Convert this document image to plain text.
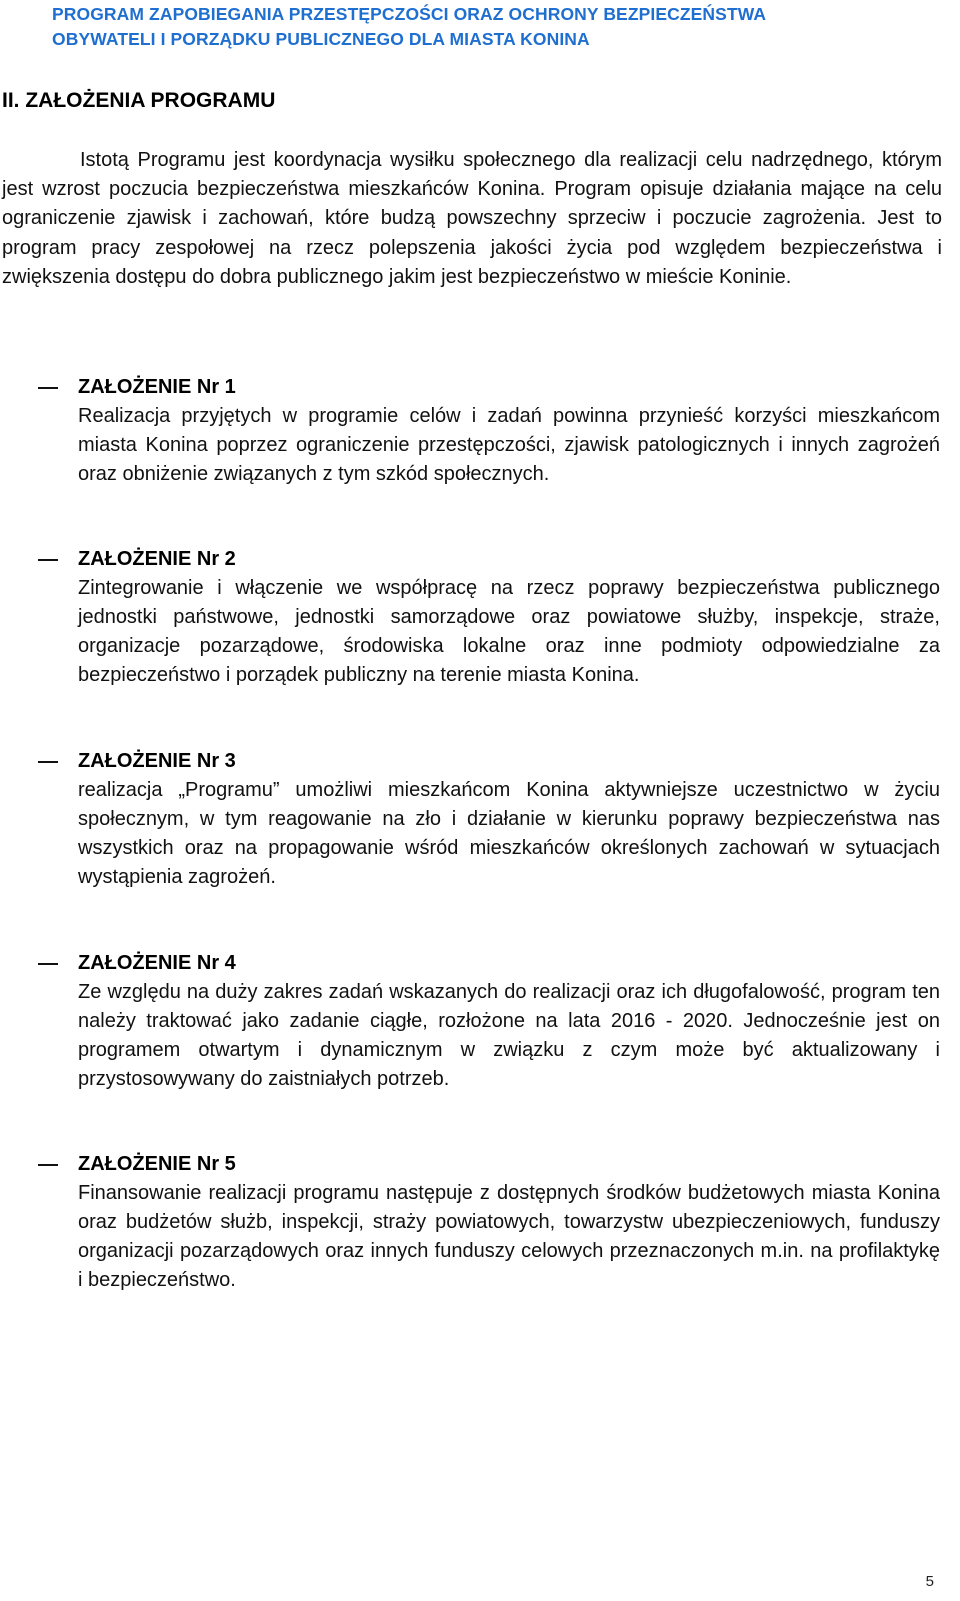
PROGRAM ZAPOBIEGANIA PRZESTĘPCZOŚCI ORAZ OCHRONY BEZPIECZEŃSTWA
OBYWATELI I PORZĄDKU PUBLICZNEGO DLA MIASTA KONINA
II. ZAŁOŻENIA PROGRAMU
Istotą Programu jest koordynacja wysiłku społecznego dla realizacji celu nadrzędnego, którym jest wzrost poczucia bezpieczeństwa mieszkańców Konina. Program opisuje działania mające na celu ograniczenie zjawisk i zachowań, które budzą powszechny sprzeciw i poczucie zagrożenia. Jest to program pracy zespołowej na rzecz polepszenia jakości życia pod względem bezpieczeństwa i zwiększenia dostępu do dobra publicznego jakim jest bezpieczeństwo w mieście Koninie.
ZAŁOŻENIE Nr 1
Realizacja przyjętych w programie celów i zadań powinna przynieść korzyści mieszkańcom miasta Konina poprzez ograniczenie przestępczości, zjawisk patologicznych i innych zagrożeń oraz obniżenie związanych z tym szkód społecznych.
ZAŁOŻENIE Nr 2
Zintegrowanie i włączenie we współpracę na rzecz poprawy bezpieczeństwa publicznego jednostki państwowe, jednostki samorządowe oraz powiatowe służby, inspekcje, straże, organizacje pozarządowe, środowiska lokalne oraz inne podmioty odpowiedzialne za bezpieczeństwo i porządek publiczny na terenie miasta Konina.
ZAŁOŻENIE Nr 3
realizacja „Programu” umożliwi mieszkańcom Konina aktywniejsze uczestnictwo w życiu społecznym, w tym reagowanie na zło i działanie w kierunku poprawy bezpieczeństwa nas wszystkich oraz na propagowanie wśród mieszkańców określonych zachowań w sytuacjach wystąpienia zagrożeń.
ZAŁOŻENIE Nr 4
Ze względu na duży zakres zadań wskazanych do realizacji oraz ich długofalowość, program ten należy traktować jako zadanie ciągłe, rozłożone na lata 2016 - 2020. Jednocześnie jest on programem otwartym i dynamicznym w związku z czym może być aktualizowany i przystosowywany do zaistniałych potrzeb.
ZAŁOŻENIE Nr 5
Finansowanie realizacji programu następuje z dostępnych środków budżetowych miasta Konina oraz budżetów służb, inspekcji, straży powiatowych, towarzystw ubezpieczeniowych, funduszy organizacji pozarządowych oraz innych funduszy celowych przeznaczonych m.in. na profilaktykę i bezpieczeństwo.
5
